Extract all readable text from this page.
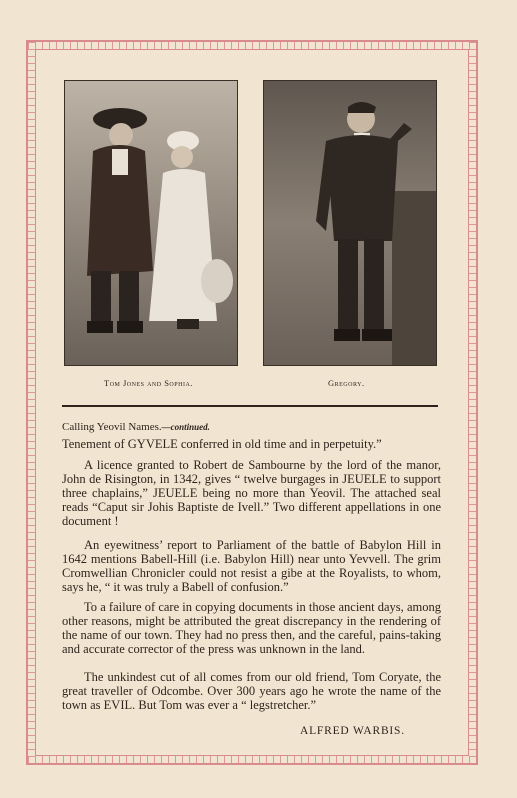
Tom Jones and Sophia.	Gregory.
Calling Yeovil Names.—continued.
Tenement of GYVELE conferred in old time and in perpetuity.”
A licence granted to Robert de Sambourne by the lord of the manor, John de Risington, in 1342, gives “ twelve burgages in JEUELE to support three chaplains,” JEUELE being no more than Yeovil. The attached seal reads “Caput sir Johis Baptiste de Ivell.” Two different appellations in one document !
An eyewitness’ report to Parliament of the battle of Babylon Hill in 1642 mentions Babell-Hill (i.e. Babylon Hill) near unto Yevvell. The grim Cromwellian Chronicler could not resist a gibe at the Royalists, to whom, says he, “ it was truly a Babell of confusion.”
To a failure of care in copying documents in those ancient days, among other reasons, might be attributed the great discrepancy in the rendering of the name of our town. They had no press then, and the careful, pains-taking and accurate corrector of the press was unknown in the land.
The unkindest cut of all comes from our old friend, Tom Coryate, the great traveller of Odcombe. Over 300 years ago he wrote the name of the town as EVIL. But Tom was ever a “ legstretcher.”
ALFRED WARBIS.
